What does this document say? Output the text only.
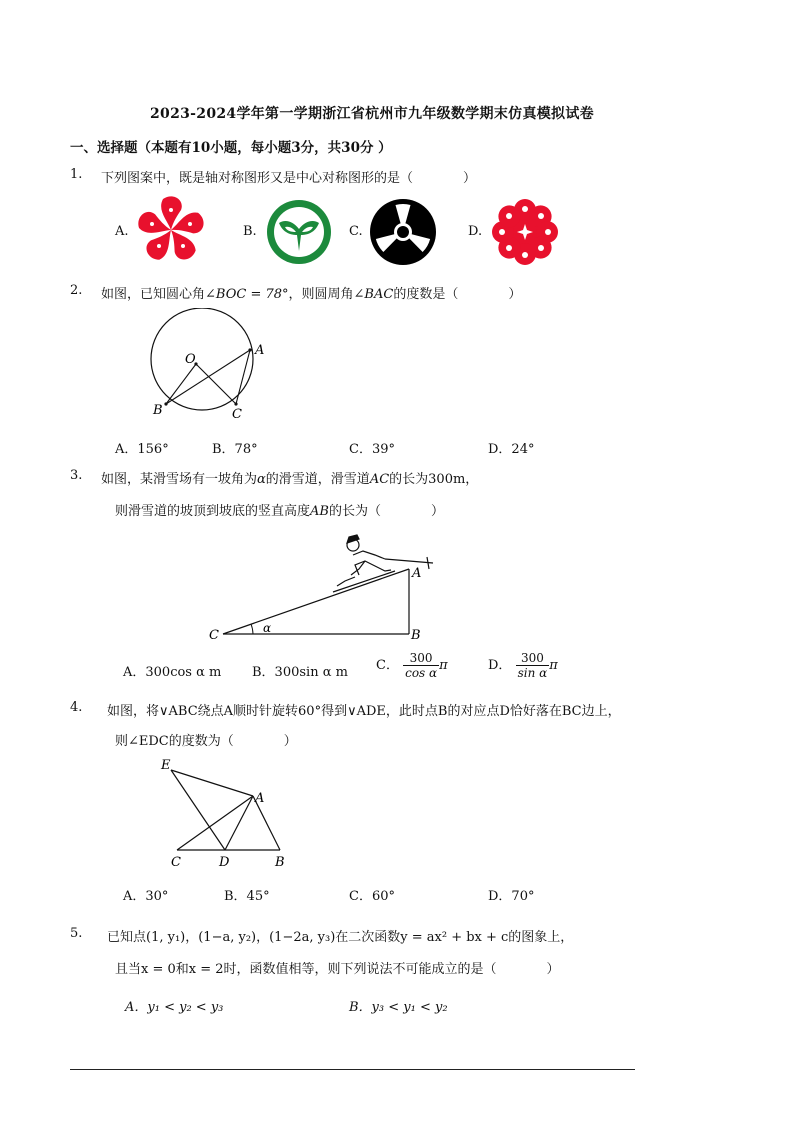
2023-2024学年第一学期浙江省杭州市九年级数学期末仿真模拟试卷
一、选择题（本题有10小题，每小题3分，共30分 ）
1. 下列图案中，既是轴对称图形又是中心对称图形的是（	）
A.	B.	C.	D.
2. 如图，已知圆心角∠BOC = 78°，则圆周角∠BAC的度数是（	）
O
A
B	C
A．156°	B．78°	C．39°	D．24°
3. 如图，某滑雪场有一坡角为α的滑雪道，滑雪道AC的长为300m，
则滑雪道的坡顶到坡底的竖直高度AB的长为（	）
A
B
C	α
A．300cos α m B．300sin α m C． $\frac{300}{\text{cos α}}$ π	D． $\frac{300}{\text{sin α}}$ π
4. 如图，将∨ABC绕点A顺时针旋转60°得到∨ADE，此时点B的对应点D恰好落在BC边上，
则∠EDC的度数为（	）
E
A
C	D	B
A．30°	B．45°	C．60°	D．70°
5. 已知点(1, y₁)，(1−a, y₂)，(1−2a, y₃)在二次函数y = ax² + bx + c的图象上，
且当x = 0和x = 2时，函数值相等，则下列说法不可能成立的是（	）
A．y₁ < y₂ < y₃	B．y₃ < y₁ < y₂
